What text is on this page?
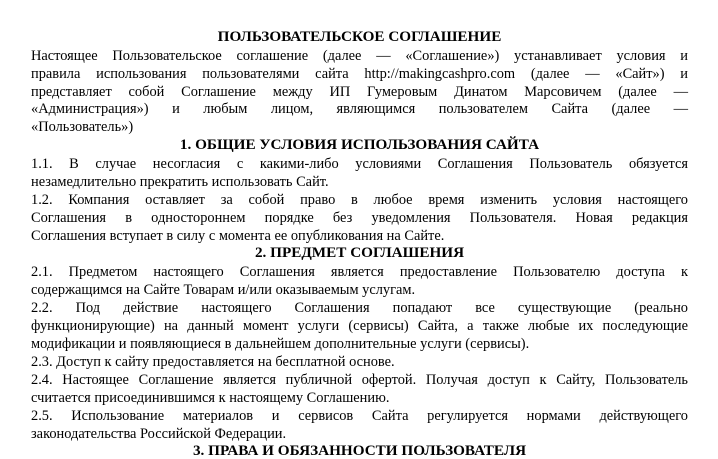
ПОЛЬЗОВАТЕЛЬСКОЕ СОГЛАШЕНИЕ
Настоящее Пользовательское соглашение (далее — «Соглашение») устанавливает условия и
правила использования пользователями сайта http://makingcashpro.com (далее — «Сайт») и
представляет собой Соглашение между ИП Гумеровым Динатом Марсовичем (далее —
«Администрация») и любым лицом, являющимся пользователем Сайта (далее —
«Пользователь»)
1. ОБЩИЕ УСЛОВИЯ ИСПОЛЬЗОВАНИЯ САЙТА
1.1. В случае несогласия с какими-либо условиями Соглашения Пользователь обязуется
незамедлительно прекратить использовать Сайт.
1.2. Компания оставляет за собой право в любое время изменить условия настоящего
Соглашения в одностороннем порядке без уведомления Пользователя. Новая редакция
Соглашения вступает в силу с момента ее опубликования на Сайте.
2. ПРЕДМЕТ СОГЛАШЕНИЯ
2.1. Предметом настоящего Соглашения является предоставление Пользователю доступа к
содержащимся на Сайте Товарам и/или оказываемым услугам.
2.2. Под действие настоящего Соглашения попадают все существующие (реально
функционирующие) на данный момент услуги (сервисы) Сайта, а также любые их последующие
модификации и появляющиеся в дальнейшем дополнительные услуги (сервисы).
2.3. Доступ к сайту предоставляется на бесплатной основе.
2.4. Настоящее Соглашение является публичной офертой. Получая доступ к Сайту, Пользователь
считается присоединившимся к настоящему Соглашению.
2.5. Использование материалов и сервисов Сайта регулируется нормами действующего
законодательства Российской Федерации.
3. ПРАВА И ОБЯЗАННОСТИ ПОЛЬЗОВАТЕЛЯ
